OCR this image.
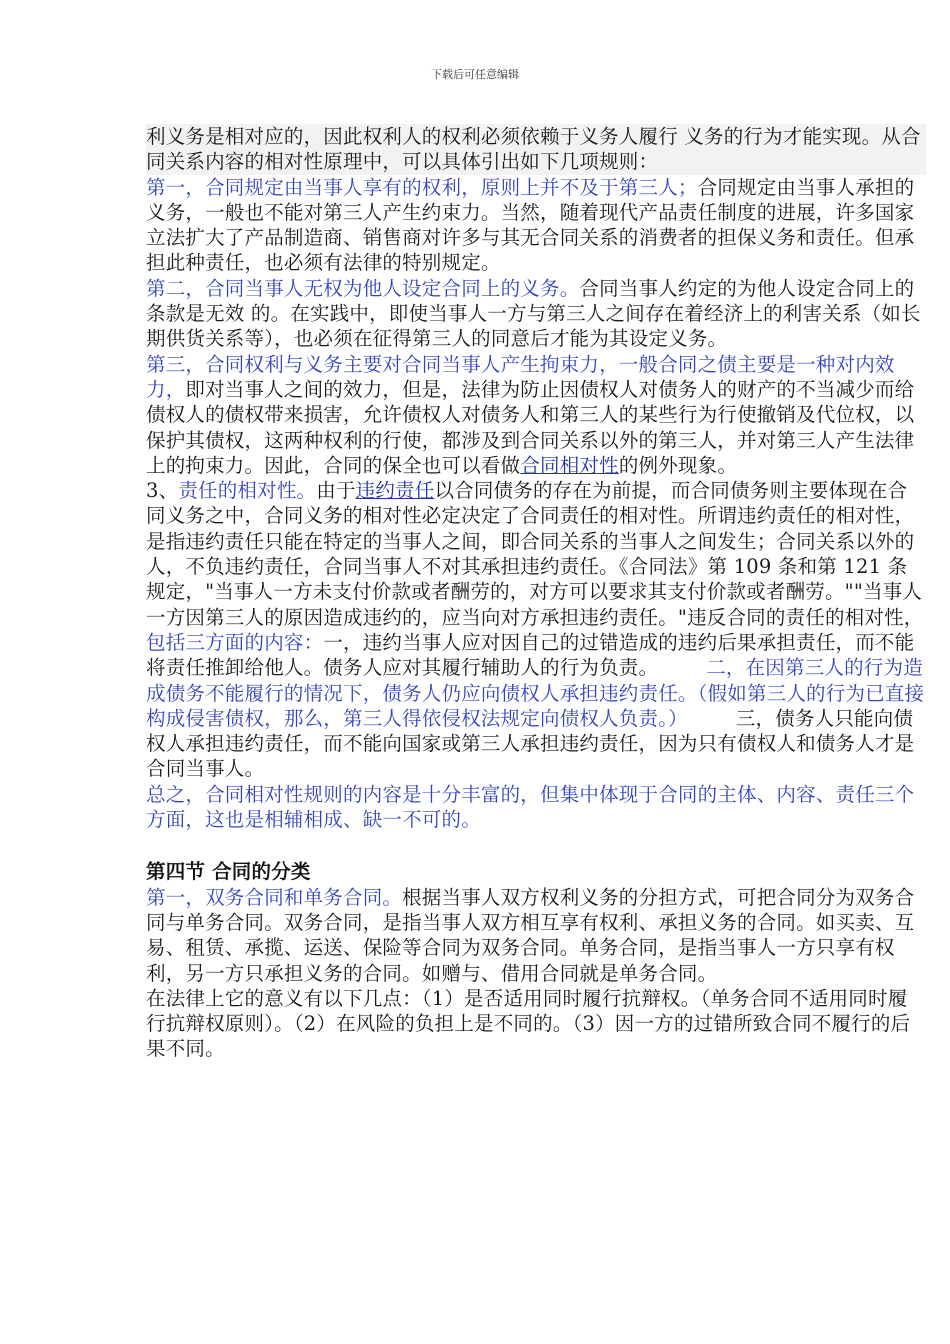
下载后可任意编辑

利义务是相对应的，因此权利人的权利必须依赖于义务人履行 义务的行为才能实现。从合同关系内容的相对性原理中，可以具体引出如下几项规则：

第一，合同规定由当事人享有的权利，原则上并不及于第三人；合同规定由当事人承担的义务，一般也不能对第三人产生约束力。当然，随着现代产品责任制度的进展，许多国家立法扩大了产品制造商、销售商对许多与其无合同关系的消费者的担保义务和责任。但承担此种责任，也必须有法律的特别规定。

第二，合同当事人无权为他人设定合同上的义务。合同当事人约定的为他人设定合同上的条款是无效 的。在实践中，即使当事人一方与第三人之间存在着经济上的利害关系（如长期供货关系等），也必须在征得第三人的同意后才能为其设定义务。

第三，合同权利与义务主要对合同当事人产生拘束力，一般合同之债主要是一种对内效力，即对当事人之间的效力，但是，法律为防止因债权人对债务人的财产的不当减少而给债权人的债权带来损害，允许债权人对债务人和第三人的某些行为行使撤销及代位权，以保护其债权，这两种权利的行使，都涉及到合同关系以外的第三人，并对第三人产生法律上的拘束力。因此，合同的保全也可以看做合同相对性的例外现象。

3、责任的相对性。由于违约责任以合同债务的存在为前提，而合同债务则主要体现在合同义务之中，合同义务的相对性必定决定了合同责任的相对性。所谓违约责任的相对性，是指违约责任只能在特定的当事人之间，即合同关系的当事人之间发生；合同关系以外的人，不负违约责任，合同当事人不对其承担违约责任。《合同法》第 109 条和第 121 条规定，"当事人一方未支付价款或者酬劳的，对方可以要求其支付价款或者酬劳。""当事人一方因第三人的原因造成违约的，应当向对方承担违约责任。"违反合同的责任的相对性，包括三方面的内容：一，违约当事人应对因自己的过错造成的违约后果承担责任，而不能将责任推卸给他人。债务人应对其履行辅助人的行为负责。 二，在因第三人的行为造成债务不能履行的情况下，债务人仍应向债权人承担违约责任。（假如第三人的行为已直接构成侵害债权，那么，第三人得依侵权法规定向债权人负责。） 三，债务人只能向债权人承担违约责任，而不能向国家或第三人承担违约责任，因为只有债权人和债务人才是合同当事人。

总之，合同相对性规则的内容是十分丰富的，但集中体现于合同的主体、内容、责任三个方面，这也是相辅相成、缺一不可的。

第四节 合同的分类

第一，双务合同和单务合同。根据当事人双方权利义务的分担方式，可把合同分为双务合同与单务合同。双务合同，是指当事人双方相互享有权利、承担义务的合同。如买卖、互易、租赁、承揽、运送、保险等合同为双务合同。单务合同，是指当事人一方只享有权利，另一方只承担义务的合同。如赠与、借用合同就是单务合同。

在法律上它的意义有以下几点：（1）是否适用同时履行抗辩权。（单务合同不适用同时履行抗辩权原则）。（2）在风险的负担上是不同的。（3）因一方的过错所致合同不履行的后果不同。
